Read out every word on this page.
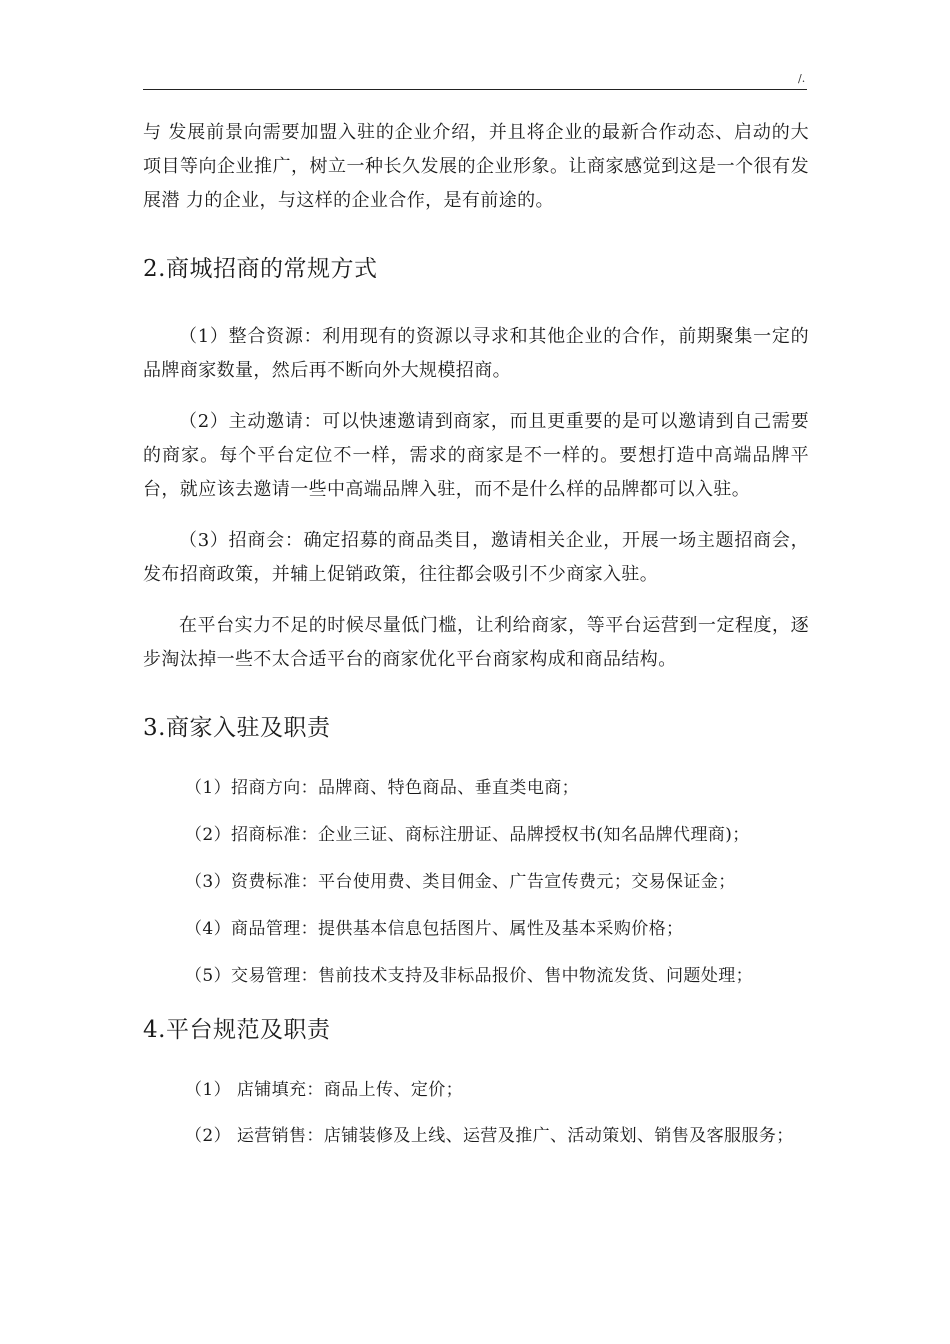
/.

与 发展前景向需要加盟入驻的企业介绍，并且将企业的最新合作动态、启动的大项目等向企业推广，树立一种长久发展的企业形象。让商家感觉到这是一个很有发展潜 力的企业，与这样的企业合作，是有前途的。

2.商城招商的常规方式

（1）整合资源：利用现有的资源以寻求和其他企业的合作，前期聚集一定的品牌商家数量，然后再不断向外大规模招商。

（2）主动邀请：可以快速邀请到商家，而且更重要的是可以邀请到自己需要的商家。每个平台定位不一样，需求的商家是不一样的。要想打造中高端品牌平台，就应该去邀请一些中高端品牌入驻，而不是什么样的品牌都可以入驻。

（3）招商会：确定招募的商品类目，邀请相关企业，开展一场主题招商会，发布招商政策，并辅上促销政策，往往都会吸引不少商家入驻。

在平台实力不足的时候尽量低门槛，让利给商家，等平台运营到一定程度，逐步淘汰掉一些不太合适平台的商家优化平台商家构成和商品结构。

3.商家入驻及职责

（1）招商方向：品牌商、特色商品、垂直类电商；

（2）招商标准：企业三证、商标注册证、品牌授权书(知名品牌代理商)；

（3）资费标准：平台使用费、类目佣金、广告宣传费元；交易保证金；

（4）商品管理：提供基本信息包括图片、属性及基本采购价格；

（5）交易管理：售前技术支持及非标品报价、售中物流发货、问题处理；

4.平台规范及职责

（1） 店铺填充：商品上传、定价；

（2） 运营销售：店铺装修及上线、运营及推广、活动策划、销售及客服服务；
